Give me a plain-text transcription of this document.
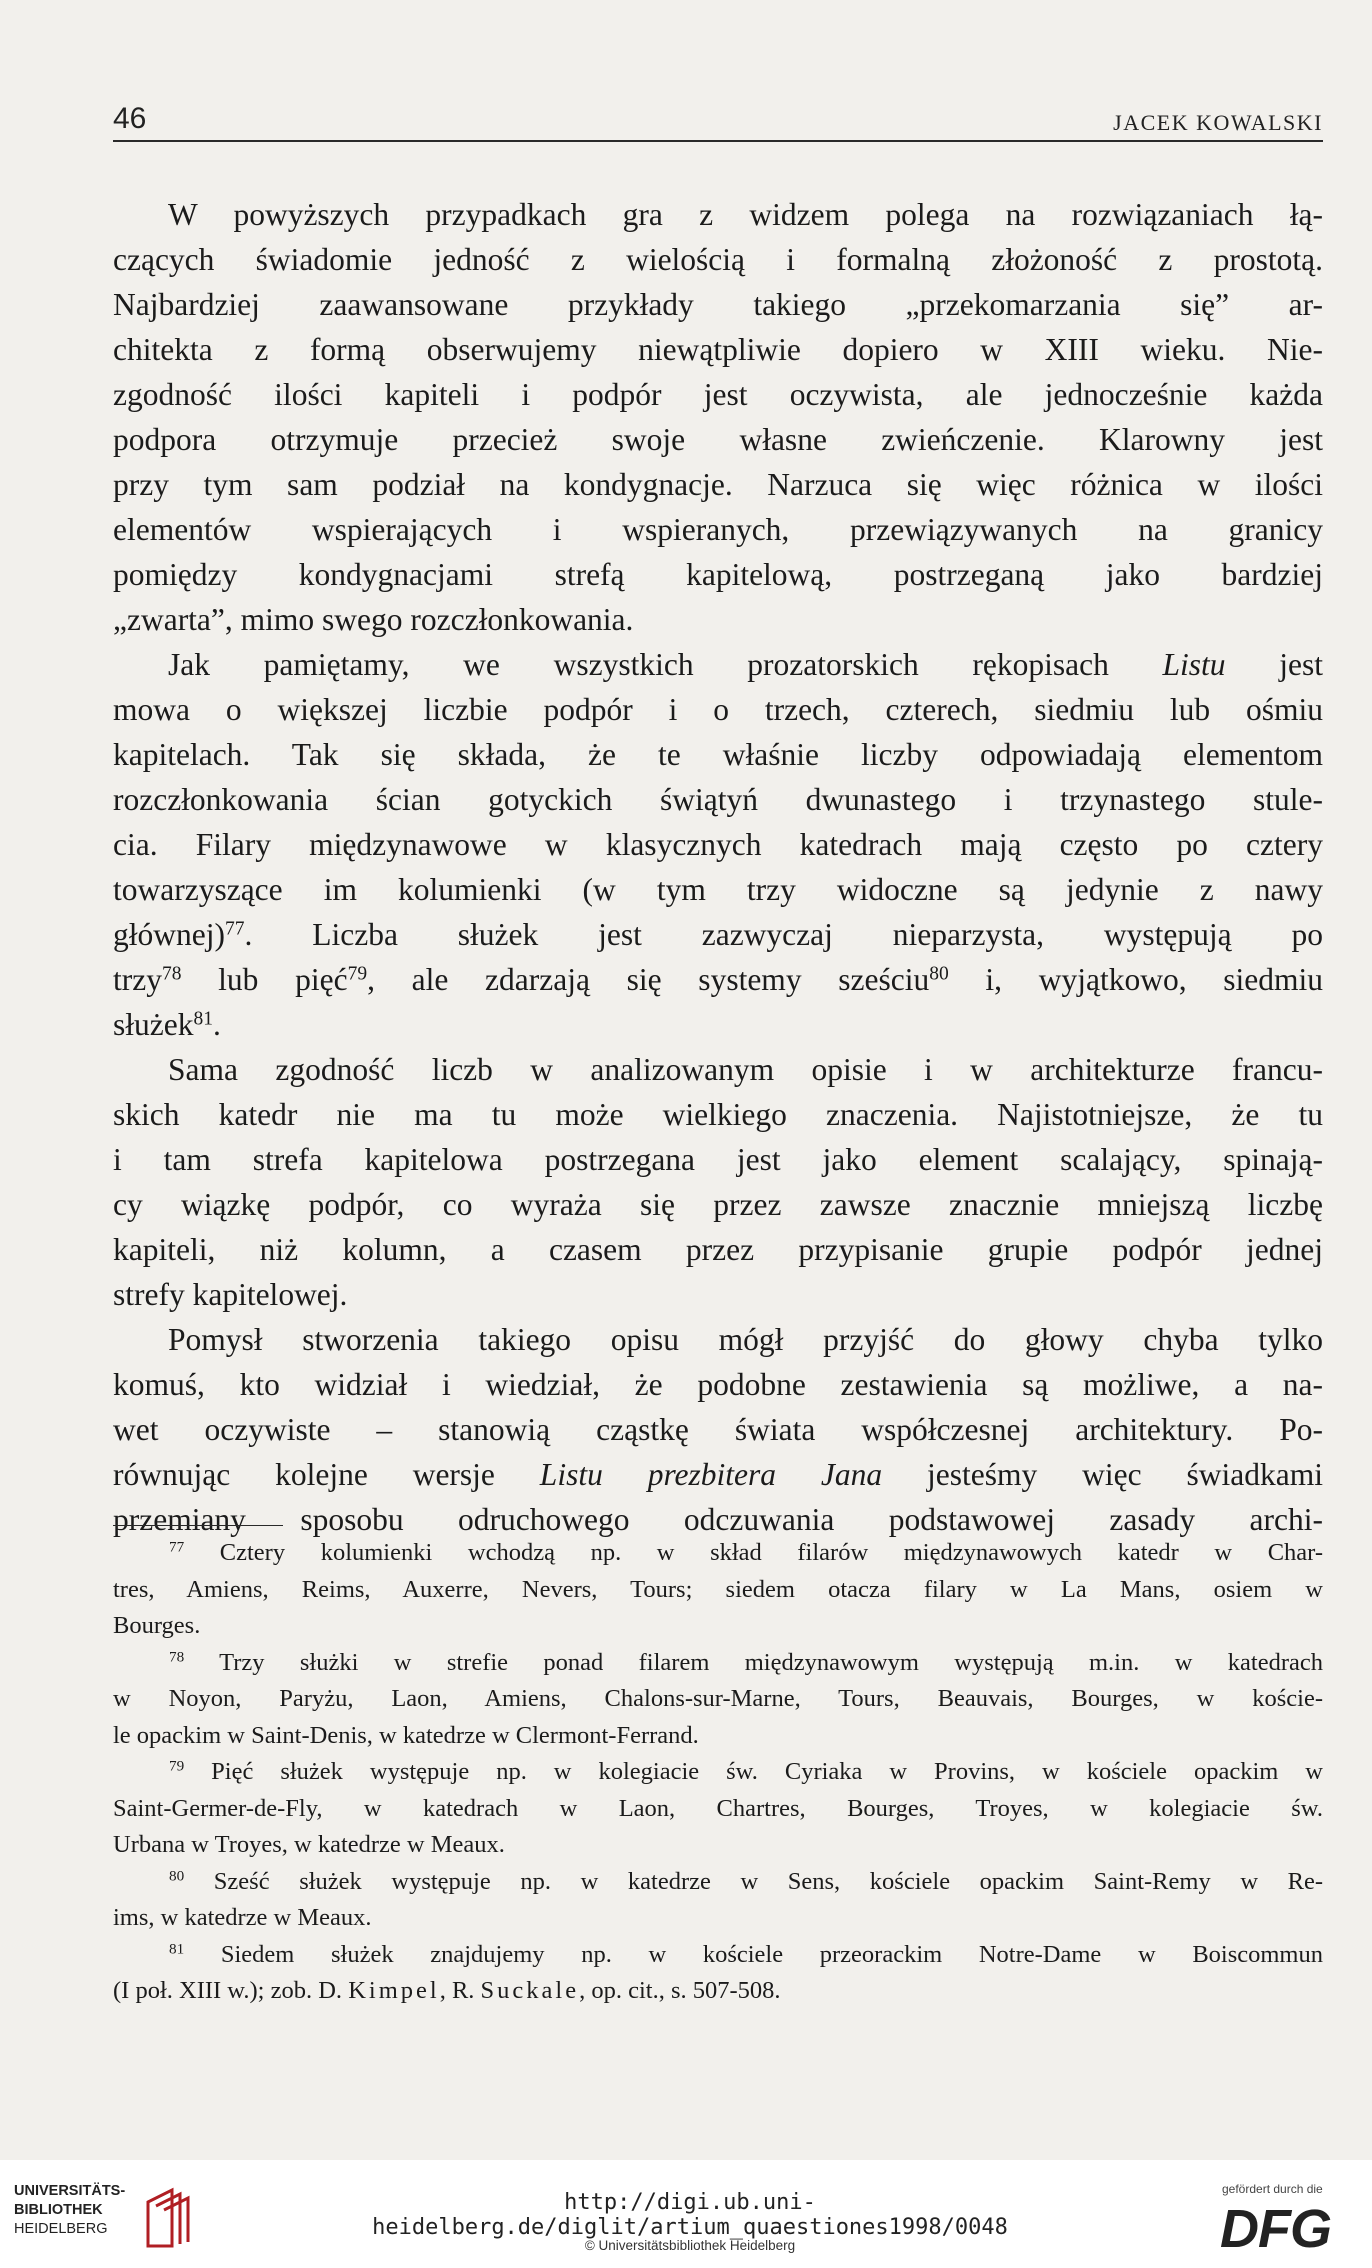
46	JACEK KOWALSKI
W powyższych przypadkach gra z widzem polega na rozwiązaniach łą-
czących świadomie jedność z wielością i formalną złożoność z prostotą.
Najbardziej zaawansowane przykłady takiego „przekomarzania się” ar-
chitekta z formą obserwujemy niewątpliwie dopiero w XIII wieku. Nie-
zgodność ilości kapiteli i podpór jest oczywista, ale jednocześnie każda
podpora otrzymuje przecież swoje własne zwieńczenie. Klarowny jest
przy tym sam podział na kondygnacje. Narzuca się więc różnica w ilości
elementów wspierających i wspieranych, przewiązywanych na granicy
pomiędzy kondygnacjami strefą kapitelową, postrzeganą jako bardziej
„zwarta”, mimo swego rozczłonkowania.
Jak pamiętamy, we wszystkich prozatorskich rękopisach Listu jest
mowa o większej liczbie podpór i o trzech, czterech, siedmiu lub ośmiu
kapitelach. Tak się składa, że te właśnie liczby odpowiadają elementom
rozczłonkowania ścian gotyckich świątyń dwunastego i trzynastego stule-
cia. Filary międzynawowe w klasycznych katedrach mają często po cztery
towarzyszące im kolumienki (w tym trzy widoczne są jedynie z nawy
głównej)$^{77}$. Liczba służek jest zazwyczaj nieparzysta, występują po
trzy$^{78}$ lub pięć$^{79}$, ale zdarzają się systemy sześciu$^{80}$ i, wyjątkowo, siedmiu
służek$^{81}$.
Sama zgodność liczb w analizowanym opisie i w architekturze francu-
skich katedr nie ma tu może wielkiego znaczenia. Najistotniejsze, że tu
i tam strefa kapitelowa postrzegana jest jako element scalający, spinają-
cy wiązkę podpór, co wyraża się przez zawsze znacznie mniejszą liczbę
kapiteli, niż kolumn, a czasem przez przypisanie grupie podpór jednej
strefy kapitelowej.
Pomysł stworzenia takiego opisu mógł przyjść do głowy chyba tylko
komuś, kto widział i wiedział, że podobne zestawienia są możliwe, a na-
wet oczywiste – stanowią cząstkę świata współczesnej architektury. Po-
równując kolejne wersje Listu prezbitera Jana jesteśmy więc świadkami
przemiany sposobu odruchowego odczuwania podstawowej zasady archi-
$^{77}$ Cztery kolumienki wchodzą np. w skład filarów międzynawowych katedr w Char-
tres, Amiens, Reims, Auxerre, Nevers, Tours; siedem otacza filary w La Mans, osiem w
Bourges.
$^{78}$ Trzy służki w strefie ponad filarem międzynawowym występują m.in. w katedrach
w Noyon, Paryżu, Laon, Amiens, Chalons-sur-Marne, Tours, Beauvais, Bourges, w koście-
le opackim w Saint-Denis, w katedrze w Clermont-Ferrand.
$^{79}$ Pięć służek występuje np. w kolegiacie św. Cyriaka w Provins, w kościele opackim w
Saint-Germer-de-Fly, w katedrach w Laon, Chartres, Bourges, Troyes, w kolegiacie św.
Urbana w Troyes, w katedrze w Meaux.
$^{80}$ Sześć służek występuje np. w katedrze w Sens, kościele opackim Saint-Remy w Re-
ims, w katedrze w Meaux.
$^{81}$ Siedem służek znajdujemy np. w kościele przeorackim Notre-Dame w Boiscommun
(I poł. XIII w.); zob. D. Kimpel, R. Suckale, op. cit., s. 507-508.
UNIVERSITÄTS-
BIBLIOTHEK
HEIDELBERG
http://digi.ub.uni-heidelberg.de/diglit/artium_quaestiones1998/0048
© Universitätsbibliothek Heidelberg
gefördert durch die
DFG
